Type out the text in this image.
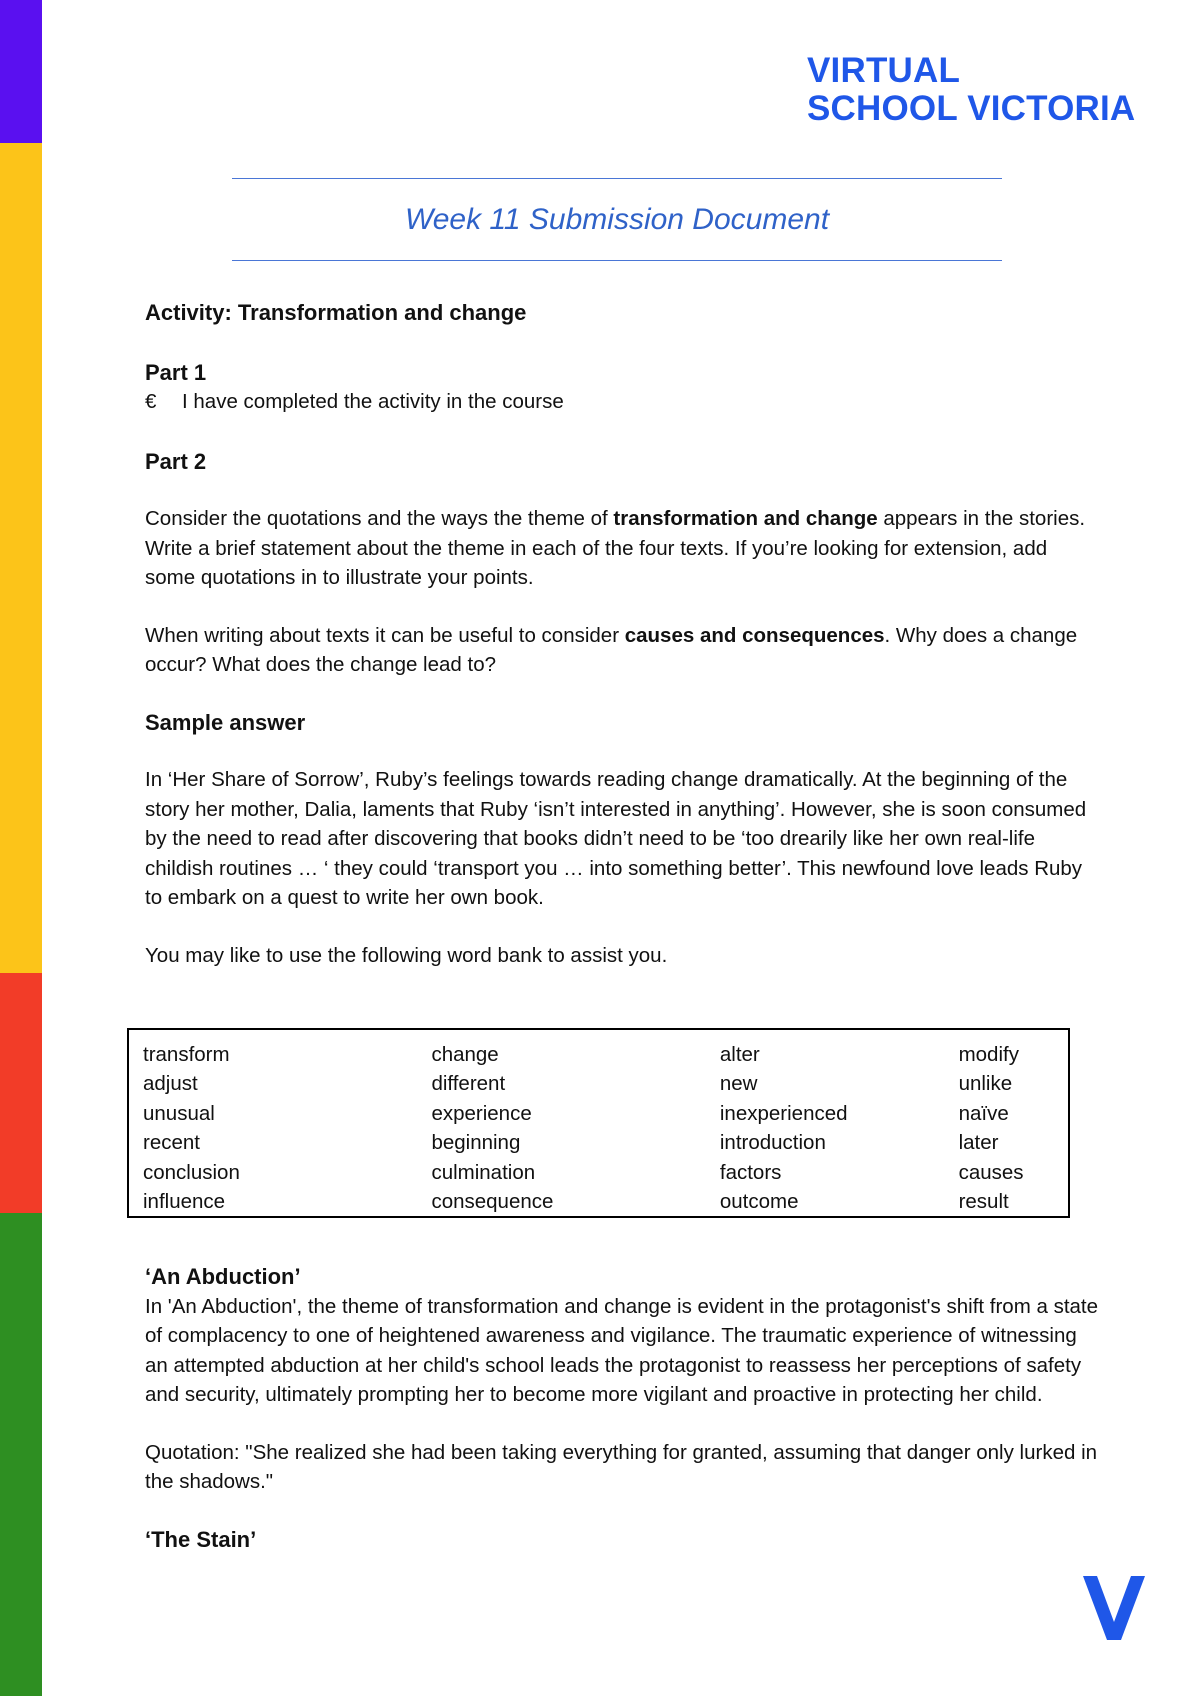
VIRTUAL
SCHOOL VICTORIA
Week 11 Submission Document

Activity: Transformation and change

Part 1

€	I have completed the activity in the course

Part 2

Consider the quotations and the ways the theme of transformation and change appears in the stories. Write a brief statement about the theme in each of the four texts. If you’re looking for extension, add some quotations in to illustrate your points.

When writing about texts it can be useful to consider causes and consequences. Why does a change occur? What does the change lead to?

Sample answer

In ‘Her Share of Sorrow’, Ruby’s feelings towards reading change dramatically. At the beginning of the story her mother, Dalia, laments that Ruby ‘isn’t interested in anything’. However, she is soon consumed by the need to read after discovering that books didn’t need to be ‘too drearily like her own real-life childish routines … ‘ they could ‘transport you … into something better’. This newfound love leads Ruby to embark on a quest to write her own book.

You may like to use the following word bank to assist you.

transform	change	alter	modify
adjust	different	new	unlike
unusual	experience	inexperienced	naïve
recent	beginning	introduction	later
conclusion	culmination	factors	causes
influence	consequence	outcome	result

‘An Abduction’

In 'An Abduction', the theme of transformation and change is evident in the protagonist's shift from a state of complacency to one of heightened awareness and vigilance. The traumatic experience of witnessing an attempted abduction at her child's school leads the protagonist to reassess her perceptions of safety and security, ultimately prompting her to become more vigilant and proactive in protecting her child.

Quotation: "She realized she had been taking everything for granted, assuming that danger only lurked in the shadows."

‘The Stain’
